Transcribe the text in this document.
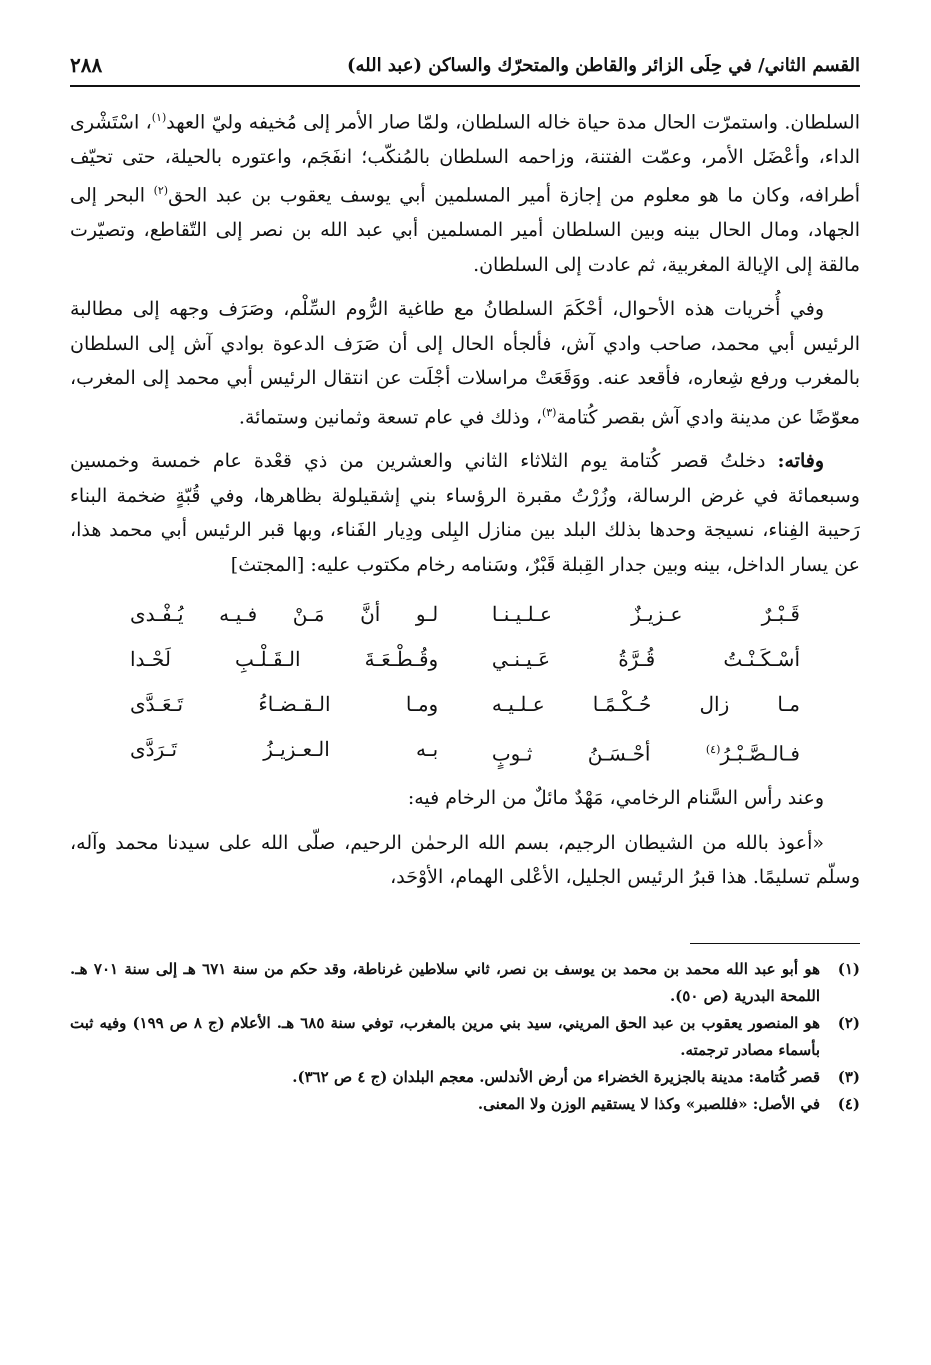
القسم الثاني/ في حِلَى الزائر والقاطن والمتحرّك والساكن (عبد الله)
٢٨٨

السلطان. واستمرّت الحال مدة حياة خاله السلطان، ولمّا صار الأمر إلى مُخيفه وليّ العهد$^{(١)}$، اسْتَشْرى الداء، وأعْضَل الأمر، وعمّت الفتنة، وزاحمه السلطان بالمُنكّب؛ انفَجَم، واعتوره بالحيلة، حتى تحيّف أطرافه، وكان ما هو معلوم من إجازة أمير المسلمين أبي يوسف يعقوب بن عبد الحق$^{(٢)}$ البحر إلى الجهاد، ومال الحال بينه وبين السلطان أمير المسلمين أبي عبد الله بن نصر إلى التّقاطع، وتصيّرت مالقة إلى الإيالة المغربية، ثم عادت إلى السلطان.

وفي أُخريات هذه الأحوال، أحْكَمَ السلطانُ مع طاغية الرُّوم السِّلْم، وصَرَف وجهه إلى مطالبة الرئيس أبي محمد، صاحب وادي آش، فألجأه الحال إلى أن صَرَف الدعوة بوادي آش إلى السلطان بالمغرب ورفع شِعاره، فأقعد عنه. ووَقَعَتْ مراسلات أجْلَت عن انتقال الرئيس أبي محمد إلى المغرب، معوّضًا عن مدينة وادي آش بقصر كُتامة$^{(٣)}$، وذلك في عام تسعة وثمانين وستمائة.

وفاته: دخلتُ قصر كُتامة يوم الثلاثاء الثاني والعشرين من ذي قعْدة عام خمسة وخمسين وسبعمائة في غرض الرسالة، وزُرْتُ مقبرة الرؤساء بني إشقيلولة بظاهرها، وفي قُبّةٍ ضخمة البناء رَحيبة الفِناء، نسيجة وحدها بذلك البلد بين منازل البِلى ودِيار الفَناء، وبها قبر الرئيس أبي محمد هذا، عن يسار الداخل، بينه وبين جدار القِبلة قَبْرٌ، وسَنامه رخام مكتوب عليه: [المجتث]

قَـبْـرٌ عـزيـزٌ عـلـيـنـا
لـو أنَّ مَـنْ فـيـه يُـفْـدى
أسْـكَـنْـتُ قُـرَّةُ عَـيـنـي
وقُـطْـعَـةَ الـقَـلْـبِ لَحْـدا
مـا زال حُـكْـمًـا عـلـيـه
ومـا الـقـضـاءُ تَـعَـدَّى
فـالـصَّـبْـرُ$^{(٤)}$ أحْـسَـنُ ثـوبٍ
بـه الـعـزيـزُ تَـرَدَّى

وعند رأس السَّنام الرخامي، مَهْدٌ مائلٌ من الرخام فيه:

«أعوذ بالله من الشيطان الرجيم، بسم الله الرحمٰن الرحيم، صلّى الله على سيدنا محمد وآله، وسلّم تسليمًا. هذا قبرُ الرئيس الجليل، الأعْلى الهمام، الأوْحَد،

(١)
هو أبو عبد الله محمد بن محمد بن يوسف بن نصر، ثاني سلاطين غرناطة، وقد حكم من سنة ٦٧١ هـ إلى سنة ٧٠١ هـ. اللمحة البدرية (ص ٥٠).
(٢)
هو المنصور يعقوب بن عبد الحق المريني، سيد بني مرين بالمغرب، توفي سنة ٦٨٥ هـ. الأعلام (ج ٨ ص ١٩٩) وفيه ثبت بأسماء مصادر ترجمته.
(٣)
قصر كُتامة: مدينة بالجزيرة الخضراء من أرض الأندلس. معجم البلدان (ج ٤ ص ٣٦٢).
(٤)
في الأصل: «فللصبر» وكذا لا يستقيم الوزن ولا المعنى.
